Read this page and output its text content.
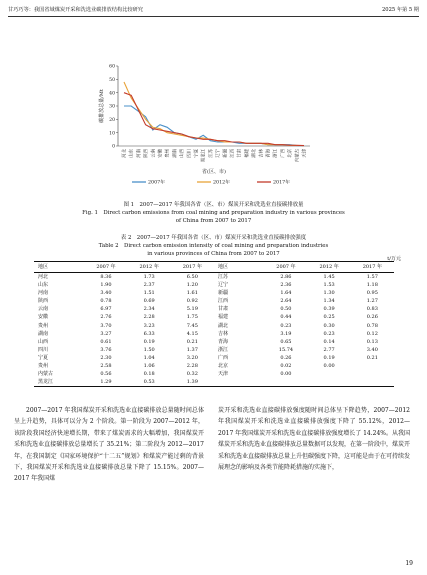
甘巧巧等：我国省域煤炭开采和洗选业碳排放结构比较研究	2025 年第 5 期
0
10
20
30
40
50
60
碳排放总量/Mt
河北 山东 河南 陕西 云南 安徽 贵州 湖南 山西 四川 宁夏 黑龙江 江苏 辽宁 新疆 江西 甘肃 福建 湖北 吉林 青海 浙江 广西 北京 内蒙古 天津
省(区、市)
2007年	2012年	2017年
图 1　2007—2017 年我国各省（区、市）煤炭开采和洗选业直接碳排放量
Fig. 1　Direct carbon emissions from coal mining and preparation industry in various provinces
of China from 2007 to 2017
表 2　2007—2017 年我国各省（区、市）煤炭开采和洗选业直接碳排放强度
Table 2　Direct carbon emission intensity of coal mining and preparation industries
in various provinces of China from 2007 to 2017
t/万元
地区	2007 年	2012 年	2017 年	地区	2007 年	2012 年	2017 年
河北	8.36	1.73	6.50	江苏	2.86	1.45	1.57
山东	1.90	2.37	1.20	辽宁	2.36	1.53	1.18
河南	3.40	1.51	1.61	新疆	1.64	1.30	0.95
陕西	0.78	0.69	0.92	江西	2.64	1.34	1.27
云南	6.97	2.34	5.19	甘肃	0.50	0.39	0.83
安徽	2.76	2.28	1.75	福建	0.44	0.25	0.26
贵州	3.70	3.23	7.45	湖北	0.23	0.30	0.78
湖南	3.27	6.33	4.15	吉林	3.19	0.23	0.12
山西	0.61	0.19	0.21	青海	0.65	0.14	0.13
四川	3.76	1.50	1.37	浙江	15.74	2.77	3.40
宁夏	2.30	1.04	3.20	广西	0.26	0.19	0.21
贵州	2.58	1.06	2.28	北京	0.02	0.00	
内蒙古	0.56	0.18	0.32	天津	0.00		
黑龙江	1.29	0.53	1.39				

2007—2017 年我国煤炭开采和洗选业直接碳排放总量随时间总体呈上升趋势，具体可以分为 2 个阶段。第一阶段为 2007—2012 年，该阶段我国经济快速增长期，带来了煤炭需求的大幅增加，我国煤炭开采和洗选业直接碳排放总量增长了 35.21%；第二阶段为 2012—2017 年，在我国制定《国家环境保护“十二五”规划》和煤炭产能过剩的背景下，我国煤炭开采和洗选业直接碳排放总量下降了 15.15%。2007—2017 年我国煤

炭开采和洗选业直接碳排放强度随时间总体呈下降趋势，2007—2012 年我国煤炭开采和洗选业直接碳排放强度下降了 55.12%，2012—2017 年我国煤炭开采和洗选业直接碳排放强度增长了 14.24%。从我国煤炭开采和洗选业直接碳排放总量数据可以发现，在第一阶段中，煤炭开采和洗选业直接碳排放总量上升但碳强度下降，这可能是由于在可持续发展理念的影响及各类节能降耗措施的实施下，

19
